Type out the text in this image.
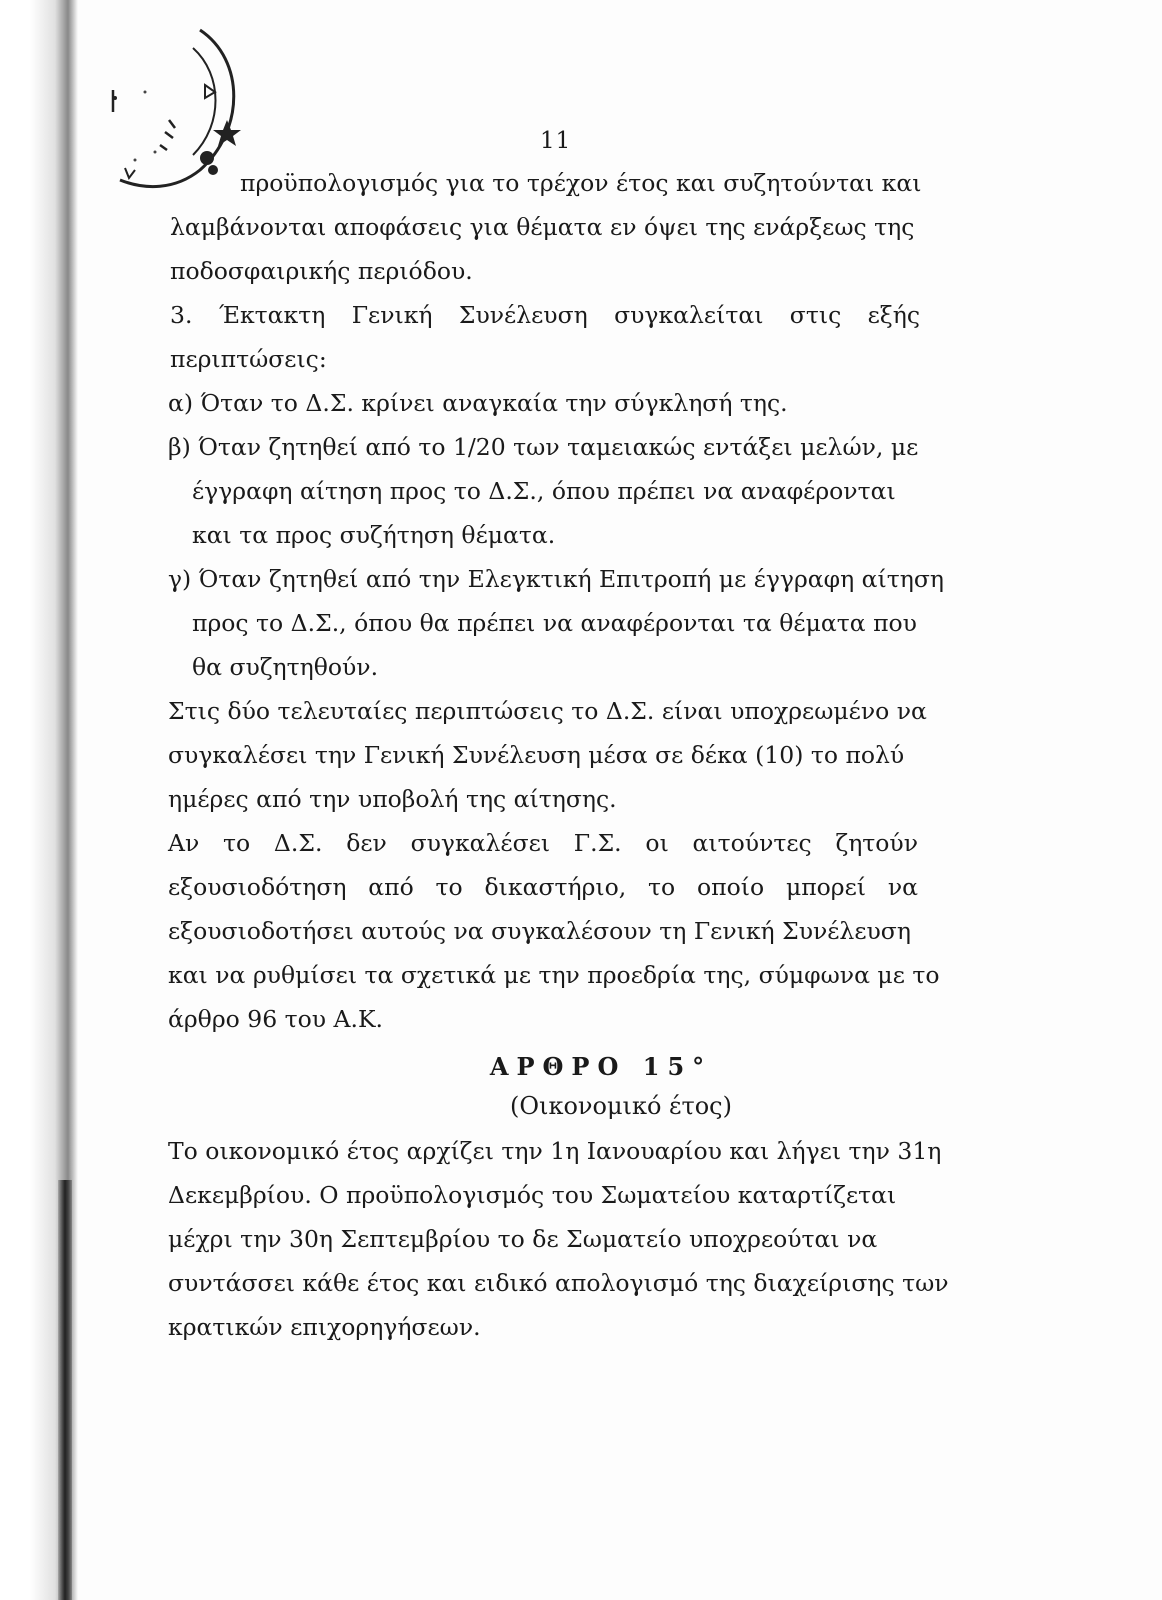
11
προϋπολογισμός για το τρέχον έτος και συζητούνται και
λαμβάνονται αποφάσεις για θέματα εν όψει της ενάρξεως της
ποδοσφαιρικής περιόδου.
3. Έκτακτη Γενική Συνέλευση συγκαλείται στις εξής
περιπτώσεις:
α) Όταν το Δ.Σ. κρίνει αναγκαία την σύγκλησή της.
β) Όταν ζητηθεί από το 1/20 των ταμειακώς εντάξει μελών, με
έγγραφη αίτηση προς το Δ.Σ., όπου πρέπει να αναφέρονται
και τα προς συζήτηση θέματα.
γ) Όταν ζητηθεί από την Ελεγκτική Επιτροπή με έγγραφη αίτηση
προς το Δ.Σ., όπου θα πρέπει να αναφέρονται τα θέματα που
θα συζητηθούν.
Στις δύο τελευταίες περιπτώσεις το Δ.Σ. είναι υποχρεωμένο να
συγκαλέσει την Γενική Συνέλευση μέσα σε δέκα (10) το πολύ
ημέρες από την υποβολή της αίτησης.
Αν το Δ.Σ. δεν συγκαλέσει Γ.Σ. οι αιτούντες ζητούν
εξουσιοδότηση από το δικαστήριο, το οποίο μπορεί να
εξουσιοδοτήσει αυτούς να συγκαλέσουν τη Γενική Συνέλευση
και να ρυθμίσει τα σχετικά με την προεδρία της, σύμφωνα με το
άρθρο 96 του Α.Κ.
ΑΡΘΡΟ 15°
(Οικονομικό έτος)
Το οικονομικό έτος αρχίζει την 1η Ιανουαρίου και λήγει την 31η
Δεκεμβρίου. Ο προϋπολογισμός του Σωματείου καταρτίζεται
μέχρι την 30η Σεπτεμβρίου το δε Σωματείο υποχρεούται να
συντάσσει κάθε έτος και ειδικό απολογισμό της διαχείρισης των
κρατικών επιχορηγήσεων.
